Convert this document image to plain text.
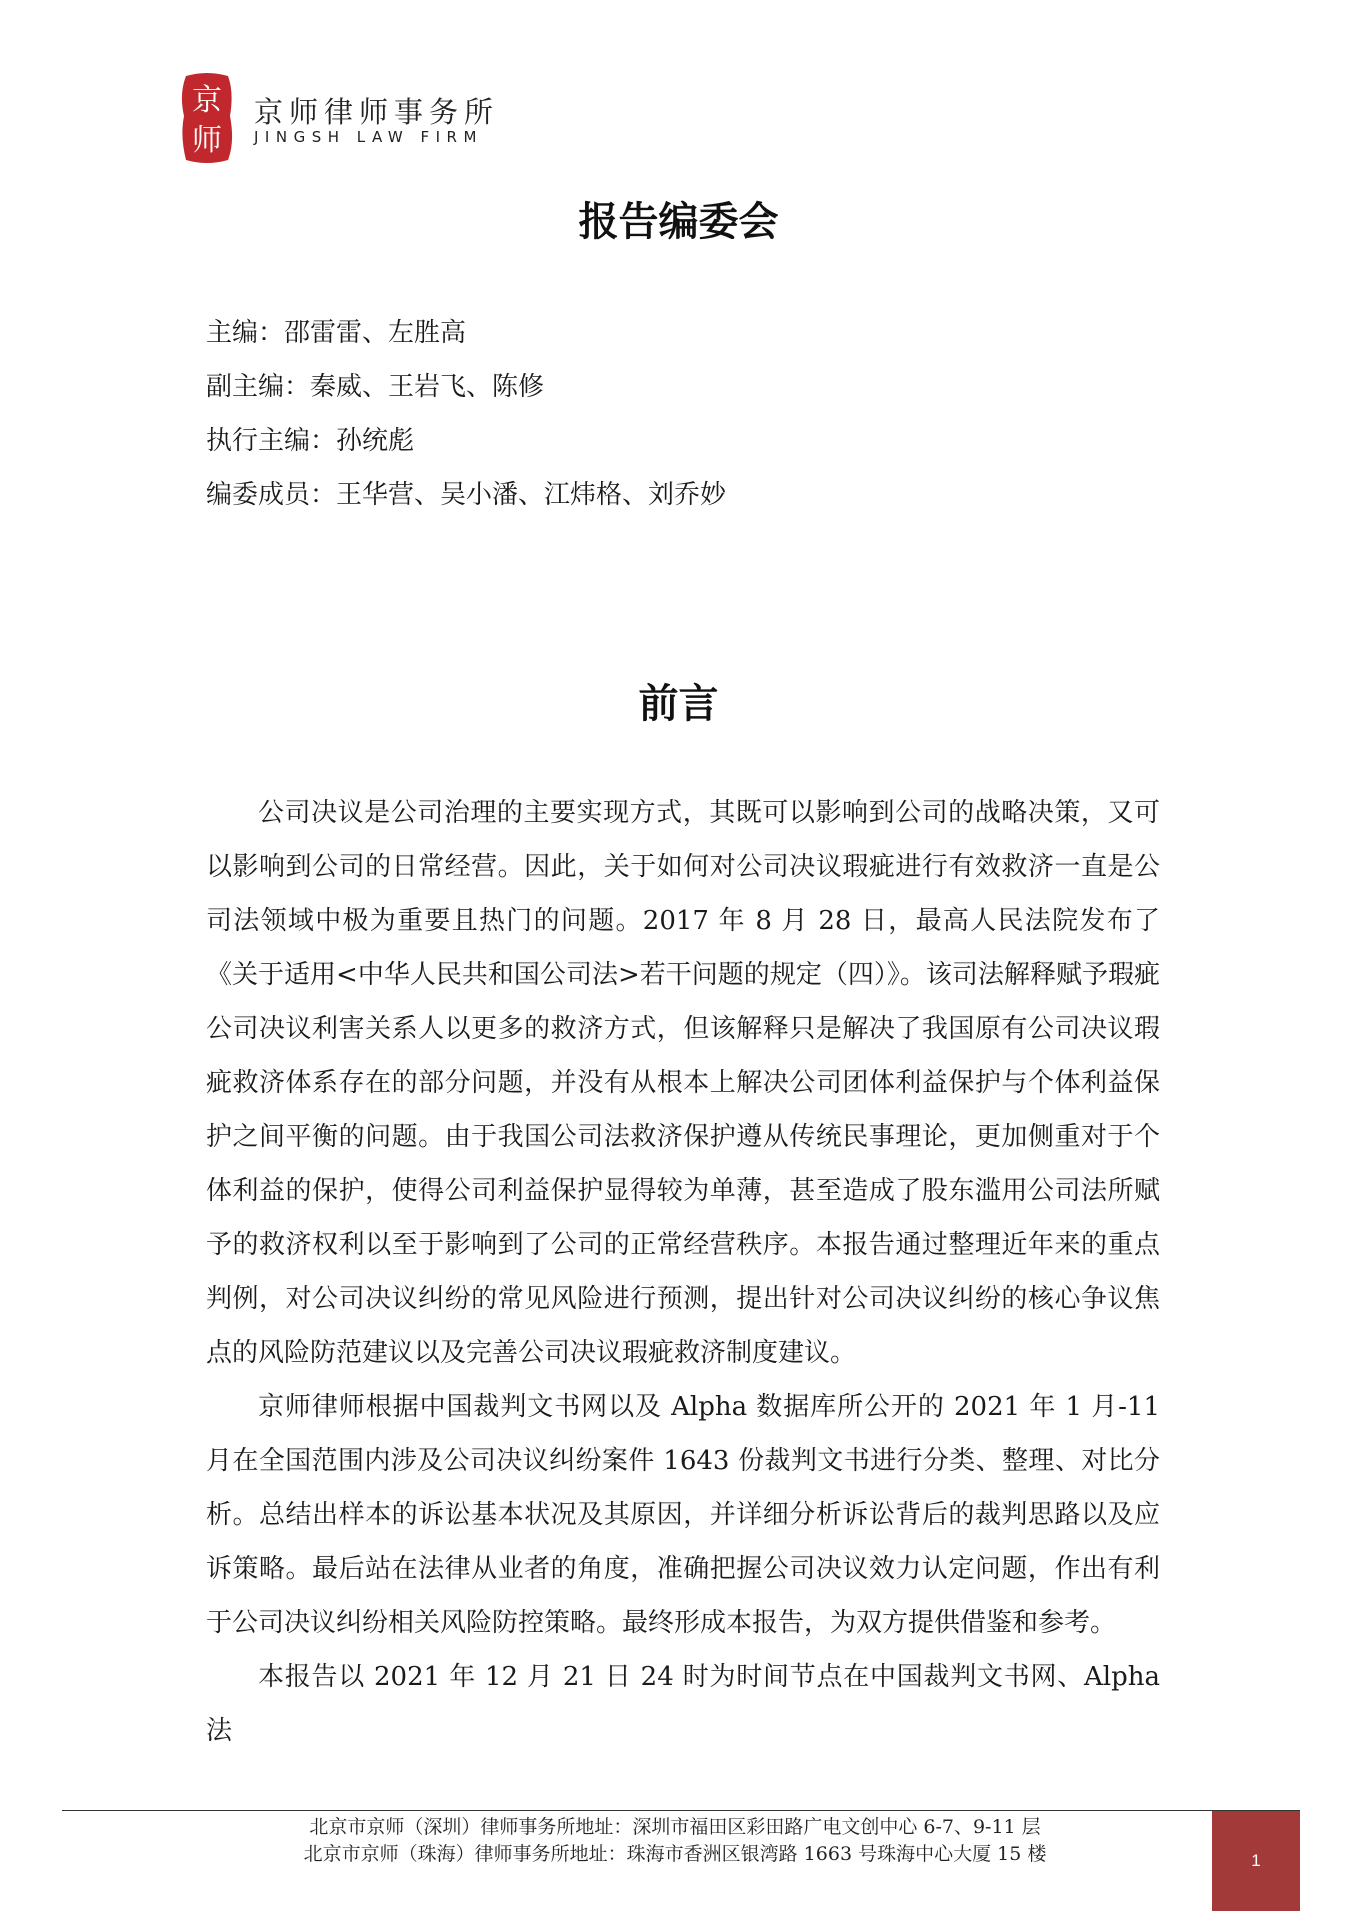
京
师
京师律师事务所
JINGSH LAW FIRM
报告编委会
主编：邵雷雷、左胜高
副主编：秦威、王岩飞、陈修
执行主编：孙统彪
编委成员：王华营、吴小潘、江炜格、刘乔妙
前言

公司决议是公司治理的主要实现方式，其既可以影响到公司的战略决策，又可以影响到公司的日常经营。因此，关于如何对公司决议瑕疵进行有效救济一直是公司法领域中极为重要且热门的问题。2017 年 8 月 28 日，最高人民法院发布了《关于适用<中华人民共和国公司法>若干问题的规定（四）》。该司法解释赋予瑕疵公司决议利害关系人以更多的救济方式，但该解释只是解决了我国原有公司决议瑕疵救济体系存在的部分问题，并没有从根本上解决公司团体利益保护与个体利益保护之间平衡的问题。由于我国公司法救济保护遵从传统民事理论，更加侧重对于个体利益的保护，使得公司利益保护显得较为单薄，甚至造成了股东滥用公司法所赋予的救济权利以至于影响到了公司的正常经营秩序。本报告通过整理近年来的重点判例，对公司决议纠纷的常见风险进行预测，提出针对公司决议纠纷的核心争议焦点的风险防范建议以及完善公司决议瑕疵救济制度建议。

京师律师根据中国裁判文书网以及 Alpha 数据库所公开的 2021 年 1 月-11 月在全国范围内涉及公司决议纠纷案件 1643 份裁判文书进行分类、整理、对比分析。总结出样本的诉讼基本状况及其原因，并详细分析诉讼背后的裁判思路以及应诉策略。最后站在法律从业者的角度，准确把握公司决议效力认定问题，作出有利于公司决议纠纷相关风险防控策略。最终形成本报告，为双方提供借鉴和参考。

本报告以 2021 年 12 月 21 日 24 时为时间节点在中国裁判文书网、Alpha 法

北京市京师（深圳）律师事务所地址：深圳市福田区彩田路广电文创中心 6-7、9-11 层
北京市京师（珠海）律师事务所地址：珠海市香洲区银湾路 1663 号珠海中心大厦 15 楼	1
